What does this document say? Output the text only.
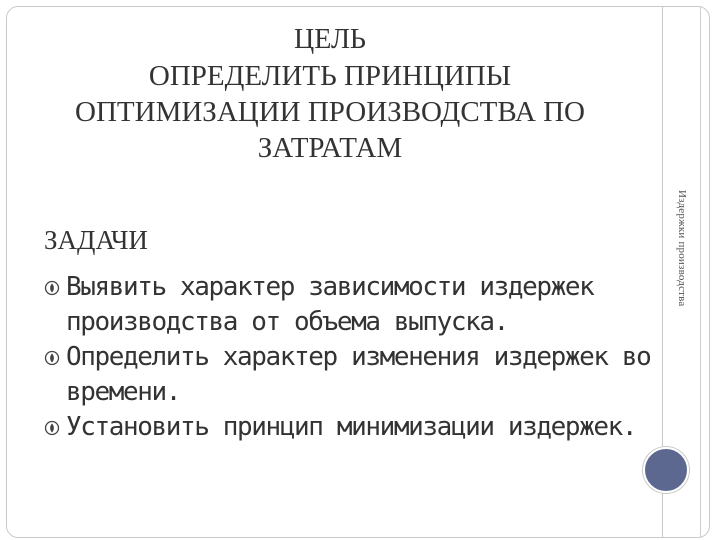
Издержки производства
ЦЕЛЬ
ОПРЕДЕЛИТЬ ПРИНЦИПЫ
ОПТИМИЗАЦИИ ПРОИЗВОДСТВА ПО
ЗАТРАТАМ
ЗАДАЧИ
Выявить характер зависимости издержек производства от объема выпуска.
Определить характер изменения издержек во времени.
Установить принцип минимизации издержек.
